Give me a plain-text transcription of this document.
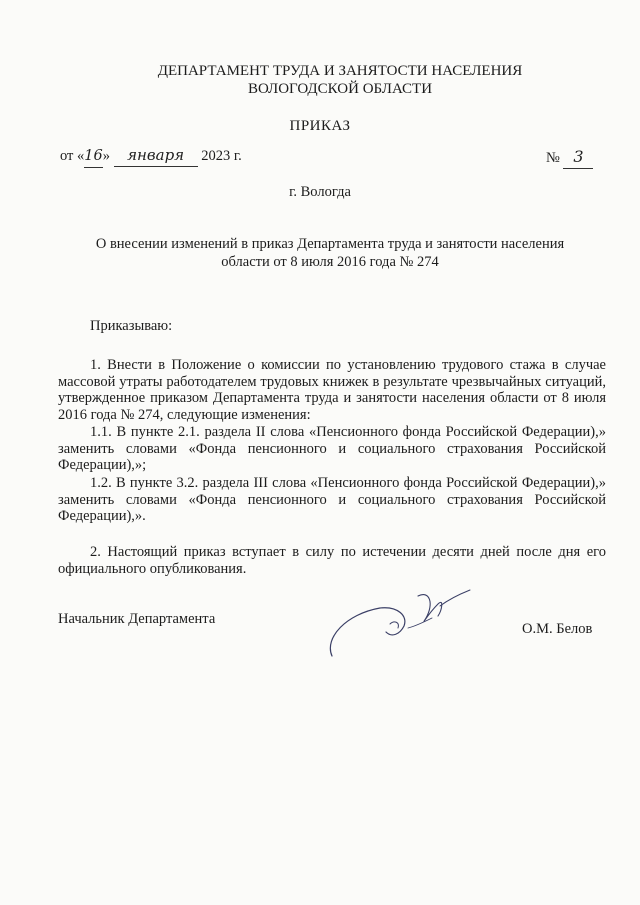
ДЕПАРТАМЕНТ ТРУДА И ЗАНЯТОСТИ НАСЕЛЕНИЯ
ВОЛОГОДСКОЙ ОБЛАСТИ
ПРИКАЗ
от «16» января 2023 г.	№ 3
г. Вологда
О внесении изменений в приказ Департамента труда и занятости населения
области от 8 июля 2016 года № 274
Приказываю:
1. Внести в Положение о комиссии по установлению трудового стажа в случае массовой утраты работодателем трудовых книжек в результате чрезвычайных ситуаций, утвержденное приказом Департамента труда и занятости населения области от 8 июля 2016 года № 274, следующие изменения:
1.1. В пункте 2.1. раздела II слова «Пенсионного фонда Российской Федерации),» заменить словами «Фонда пенсионного и социального страхования Российской Федерации),»;
1.2. В пункте 3.2. раздела III слова «Пенсионного фонда Российской Федерации),» заменить словами «Фонда пенсионного и социального страхования Российской Федерации),».
2. Настоящий приказ вступает в силу по истечении десяти дней после дня его официального опубликования.
Начальник Департамента
О.М. Белов
